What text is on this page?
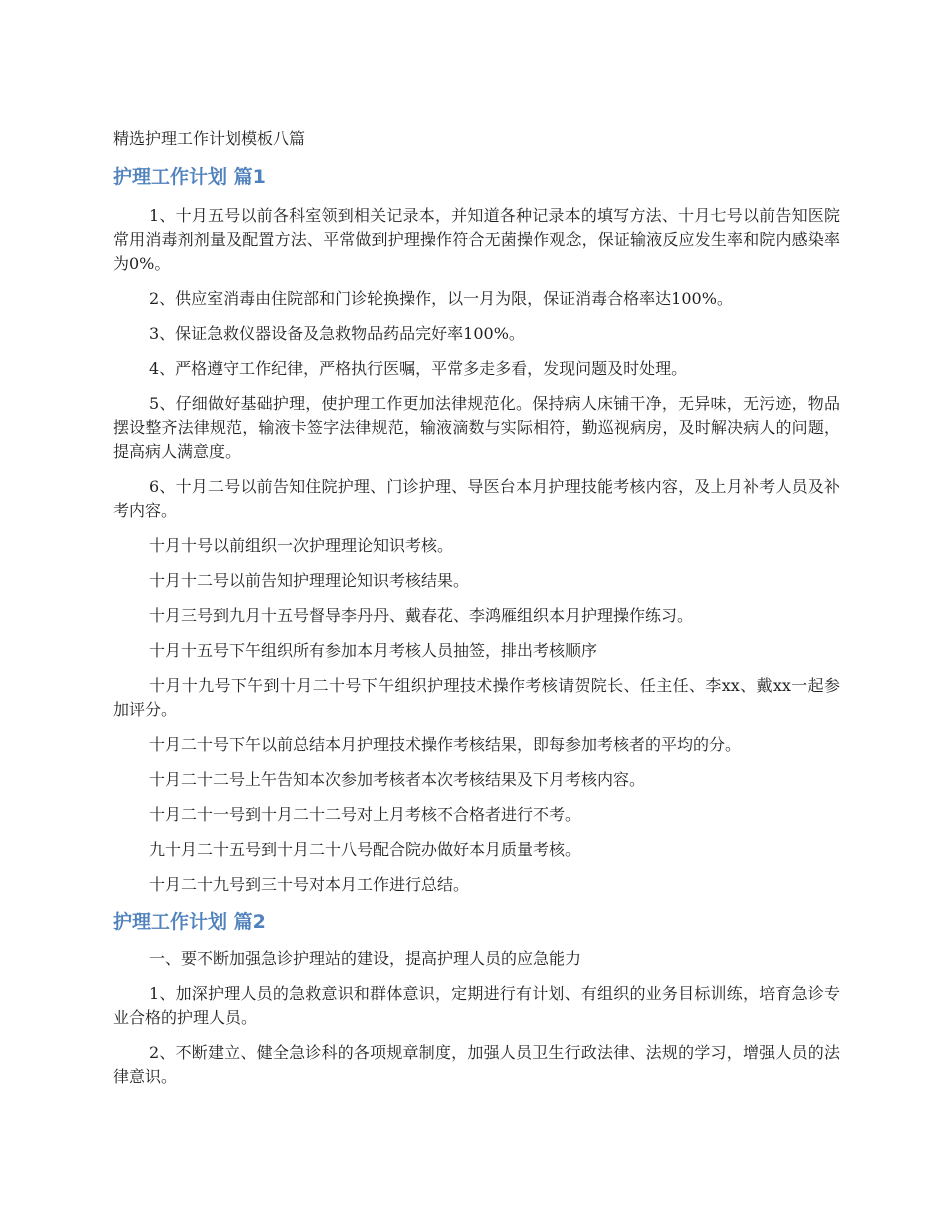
精选护理工作计划模板八篇

护理工作计划 篇1

1、十月五号以前各科室领到相关记录本，并知道各种记录本的填写方法、十月七号以前告知医院常用消毒剂剂量及配置方法、平常做到护理操作符合无菌操作观念，保证输液反应发生率和院内感染率为0%。

2、供应室消毒由住院部和门诊轮换操作，以一月为限，保证消毒合格率达100%。

3、保证急救仪器设备及急救物品药品完好率100%。

4、严格遵守工作纪律，严格执行医嘱，平常多走多看，发现问题及时处理。

5、仔细做好基础护理，使护理工作更加法律规范化。保持病人床铺干净，无异味，无污迹，物品摆设整齐法律规范，输液卡签字法律规范，输液滴数与实际相符，勤巡视病房，及时解决病人的问题，提高病人满意度。

6、十月二号以前告知住院护理、门诊护理、导医台本月护理技能考核内容，及上月补考人员及补考内容。

十月十号以前组织一次护理理论知识考核。

十月十二号以前告知护理理论知识考核结果。

十月三号到九月十五号督导李丹丹、戴春花、李鸿雁组织本月护理操作练习。

十月十五号下午组织所有参加本月考核人员抽签，排出考核顺序

十月十九号下午到十月二十号下午组织护理技术操作考核请贺院长、任主任、李xx、戴xx一起参加评分。

十月二十号下午以前总结本月护理技术操作考核结果，即每参加考核者的平均的分。

十月二十二号上午告知本次参加考核者本次考核结果及下月考核内容。

十月二十一号到十月二十二号对上月考核不合格者进行不考。

九十月二十五号到十月二十八号配合院办做好本月质量考核。

十月二十九号到三十号对本月工作进行总结。

护理工作计划 篇2

一、要不断加强急诊护理站的建设，提高护理人员的应急能力

1、加深护理人员的急救意识和群体意识，定期进行有计划、有组织的业务目标训练，培育急诊专业合格的护理人员。

2、不断建立、健全急诊科的各项规章制度，加强人员卫生行政法律、法规的学习，增强人员的法律意识。
